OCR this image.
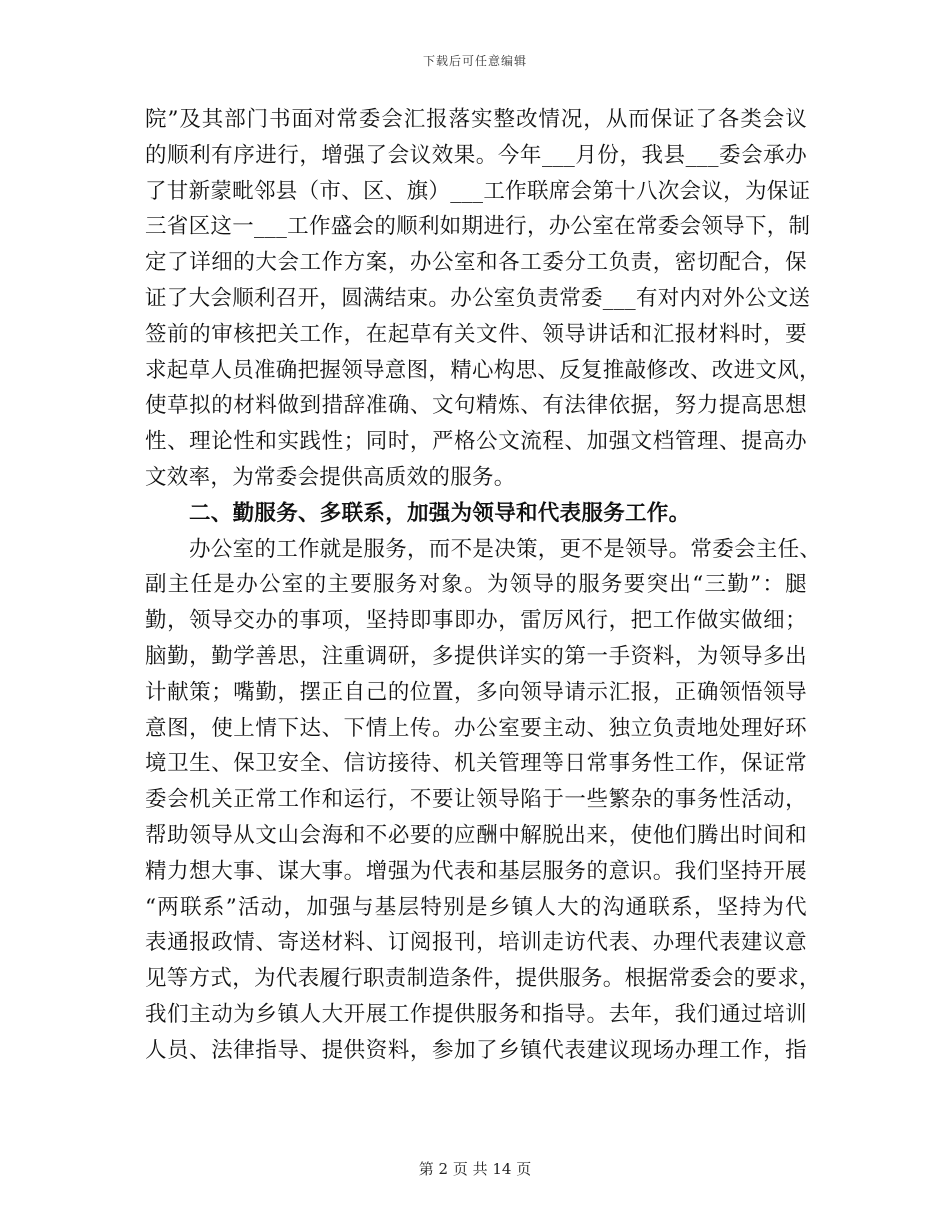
下载后可任意编辑
院”及其部门书面对常委会汇报落实整改情况，从而保证了各类会议
的顺利有序进行，增强了会议效果。今年___月份，我县___委会承办
了甘新蒙毗邻县（市、区、旗）___工作联席会第十八次会议，为保证
三省区这一___工作盛会的顺利如期进行，办公室在常委会领导下，制
定了详细的大会工作方案，办公室和各工委分工负责，密切配合，保
证了大会顺利召开，圆满结束。办公室负责常委___有对内对外公文送
签前的审核把关工作，在起草有关文件、领导讲话和汇报材料时，要
求起草人员准确把握领导意图，精心构思、反复推敲修改、改进文风，
使草拟的材料做到措辞准确、文句精炼、有法律依据，努力提高思想
性、理论性和实践性；同时，严格公文流程、加强文档管理、提高办
文效率，为常委会提供高质效的服务。
二、勤服务、多联系，加强为领导和代表服务工作。
办公室的工作就是服务，而不是决策，更不是领导。常委会主任、
副主任是办公室的主要服务对象。为领导的服务要突出“三勤”：腿
勤，领导交办的事项，坚持即事即办，雷厉风行，把工作做实做细；
脑勤，勤学善思，注重调研，多提供详实的第一手资料，为领导多出
计献策；嘴勤，摆正自己的位置，多向领导请示汇报，正确领悟领导
意图，使上情下达、下情上传。办公室要主动、独立负责地处理好环
境卫生、保卫安全、信访接待、机关管理等日常事务性工作，保证常
委会机关正常工作和运行，不要让领导陷于一些繁杂的事务性活动，
帮助领导从文山会海和不必要的应酬中解脱出来，使他们腾出时间和
精力想大事、谋大事。增强为代表和基层服务的意识。我们坚持开展
“两联系”活动，加强与基层特别是乡镇人大的沟通联系，坚持为代
表通报政情、寄送材料、订阅报刊，培训走访代表、办理代表建议意
见等方式，为代表履行职责制造条件，提供服务。根据常委会的要求，
我们主动为乡镇人大开展工作提供服务和指导。去年，我们通过培训
人员、法律指导、提供资料，参加了乡镇代表建议现场办理工作，指
第 2 页 共 14 页
